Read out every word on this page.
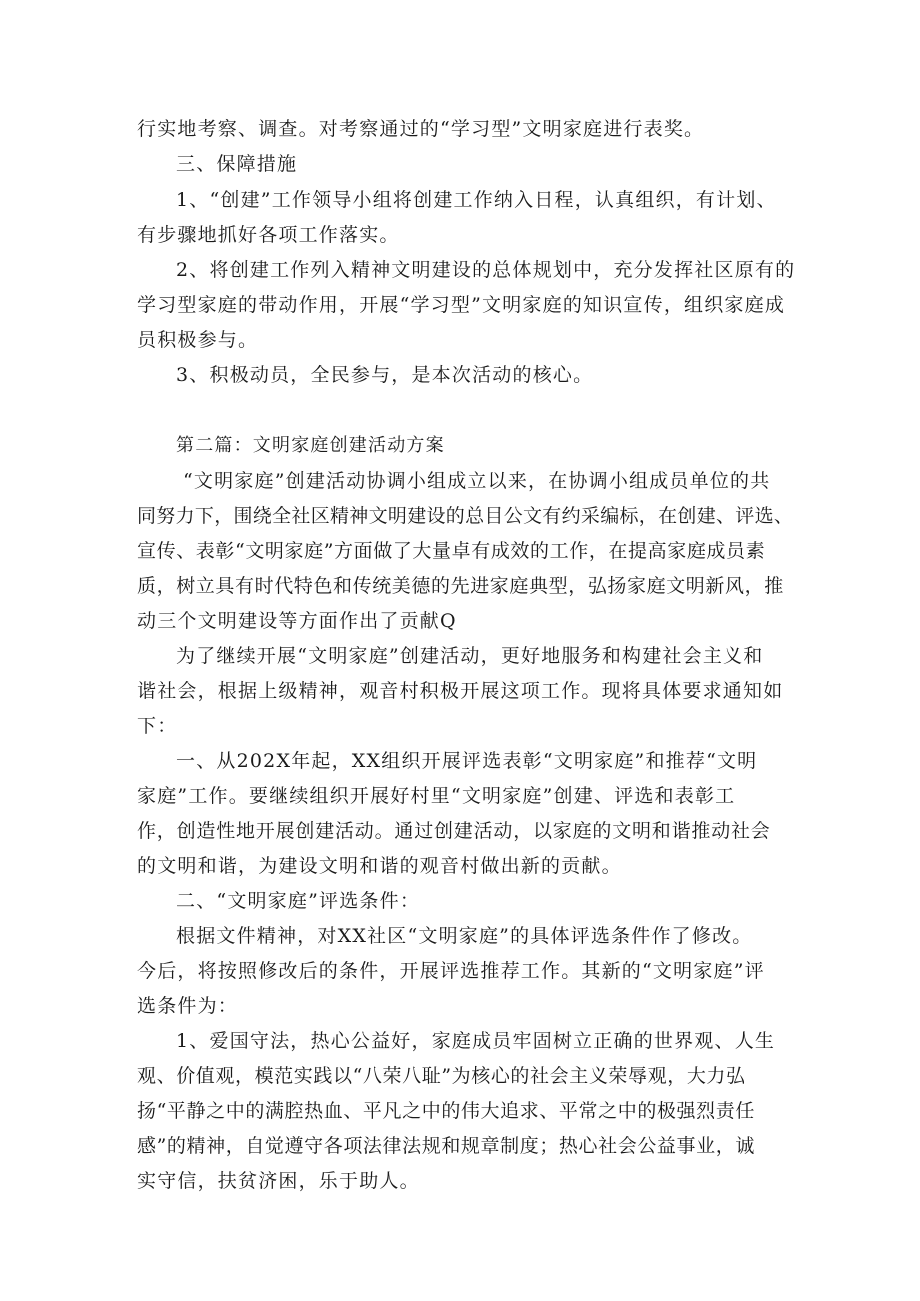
行实地考察、调查。对考察通过的“学习型”文明家庭进行表奖。
三、保障措施
1、“创建”工作领导小组将创建工作纳入日程，认真组织，有计划、
有步骤地抓好各项工作落实。
2、将创建工作列入精神文明建设的总体规划中，充分发挥社区原有的
学习型家庭的带动作用，开展“学习型”文明家庭的知识宣传，组织家庭成
员积极参与。
3、积极动员，全民参与，是本次活动的核心。
第二篇：文明家庭创建活动方案
“文明家庭”创建活动协调小组成立以来，在协调小组成员单位的共
同努力下，围绕全社区精神文明建设的总目公文有约采编标，在创建、评选、
宣传、表彰“文明家庭”方面做了大量卓有成效的工作，在提高家庭成员素
质，树立具有时代特色和传统美德的先进家庭典型，弘扬家庭文明新风，推
动三个文明建设等方面作出了贡献Q
为了继续开展“文明家庭”创建活动，更好地服务和构建社会主义和
谐社会，根据上级精神，观音村积极开展这项工作。现将具体要求通知如
下：
一、从202X年起，XX组织开展评选表彰“文明家庭”和推荐“文明
家庭”工作。要继续组织开展好村里“文明家庭”创建、评选和表彰工
作，创造性地开展创建活动。通过创建活动，以家庭的文明和谐推动社会
的文明和谐，为建设文明和谐的观音村做出新的贡献。
二、“文明家庭”评选条件：
根据文件精神，对XX社区“文明家庭”的具体评选条件作了修改。
今后，将按照修改后的条件，开展评选推荐工作。其新的“文明家庭”评
选条件为：
1、爱国守法，热心公益好，家庭成员牢固树立正确的世界观、人生
观、价值观，模范实践以“八荣八耻”为核心的社会主义荣辱观，大力弘
扬“平静之中的满腔热血、平凡之中的伟大追求、平常之中的极强烈责任
感”的精神，自觉遵守各项法律法规和规章制度；热心社会公益事业，诚
实守信，扶贫济困，乐于助人。
